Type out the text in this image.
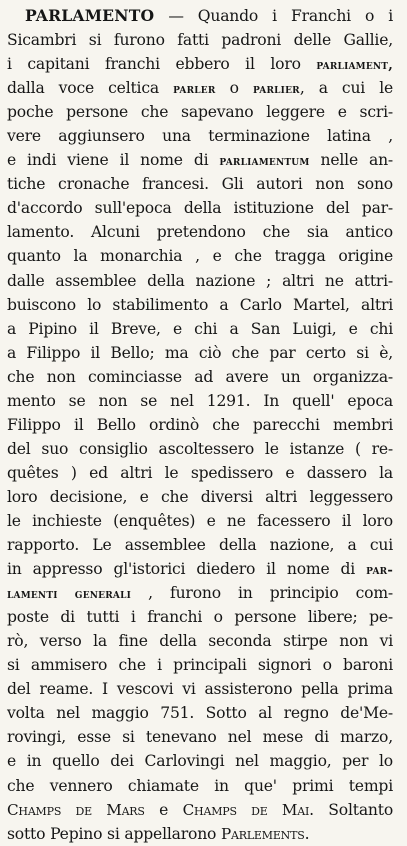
PARLAMENTO — Quando i Franchi o i
Sicambri si furono fatti padroni delle Gallie,
i capitani franchi ebbero il loro parliament,
dalla voce celtica parler o parlier, a cui le
poche persone che sapevano leggere e scri-
vere aggiunsero una terminazione latina ,
e indi viene il nome di parliamentum nelle an-
tiche cronache francesi. Gli autori non sono
d'accordo sull'epoca della istituzione del par-
lamento. Alcuni pretendono che sia antico
quanto la monarchia , e che tragga origine
dalle assemblee della nazione ; altri ne attri-
buiscono lo stabilimento a Carlo Martel, altri
a Pipino il Breve, e chi a San Luigi, e chi
a Filippo il Bello; ma ciò che par certo si è,
che non cominciasse ad avere un organizza-
mento se non se nel 1291. In quell' epoca
Filippo il Bello ordinò che parecchi membri
del suo consiglio ascoltessero le istanze ( re-
quêtes ) ed altri le spedissero e dassero la
loro decisione, e che diversi altri leggessero
le inchieste (enquêtes) e ne facessero il loro
rapporto. Le assemblee della nazione, a cui
in appresso gl'istorici diedero il nome di par-
lamenti generali , furono in principio com-
poste di tutti i franchi o persone libere; pe-
rò, verso la fine della seconda stirpe non vi
si ammisero che i principali signori o baroni
del reame. I vescovi vi assisterono pella prima
volta nel maggio 751. Sotto al regno de'Me-
rovingi, esse si tenevano nel mese di marzo,
e in quello dei Carlovingi nel maggio, per lo
che vennero chiamate in que' primi tempi
Champs de Mars e Champs de Mai. Soltanto
sotto Pepino si appellarono Parlements.
